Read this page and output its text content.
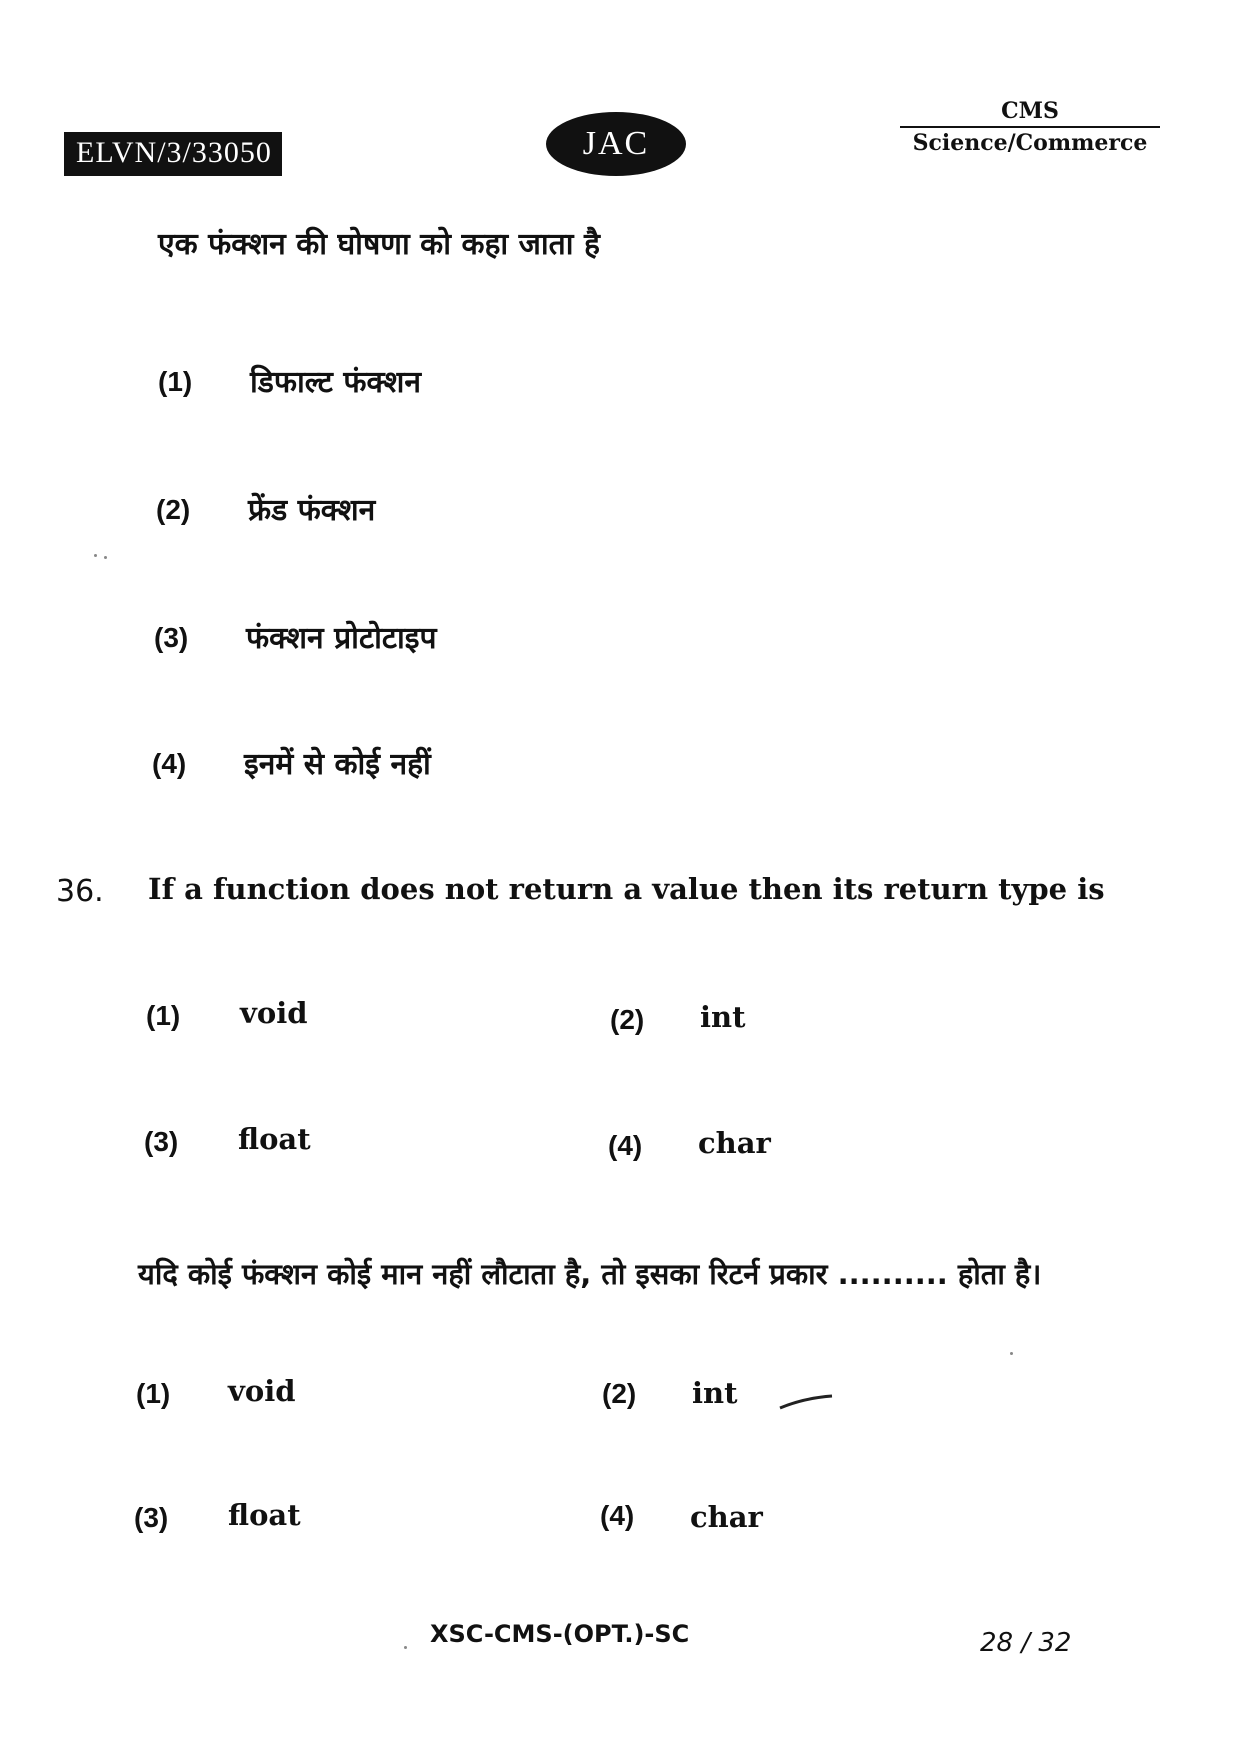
ELVN/3/33050	JAC
CMS
Science/Commerce
एक फंक्शन की घोषणा को कहा जाता है
(1) डिफाल्ट फंक्शन
(2) फ्रेंड फंक्शन
(3) फंक्शन प्रोटोटाइप
(4) इनमें से कोई नहीं
36. If a function does not return a value then its return type is
(1) void	(2) int
(3) float	(4) char
यदि कोई फंक्शन कोई मान नहीं लौटाता है, तो इसका रिटर्न प्रकार .......... होता है।
(1) void	(2) int
(3) float	(4) char
XSC-CMS-(OPT.)-SC	28 / 32
